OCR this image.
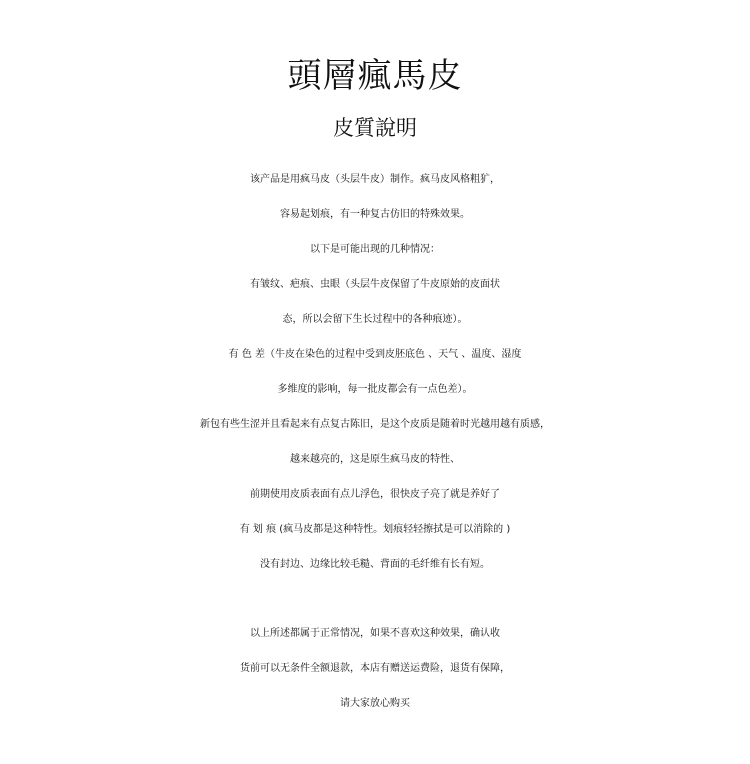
頭層瘋馬皮
皮質說明
该产品是用疯马皮（头层牛皮）制作。疯马皮风格粗犷，
容易起划痕，有一种复古仿旧的特殊效果。
以下是可能出现的几种情况：
有皱纹、疤痕、虫眼（头层牛皮保留了牛皮原始的皮面状
态，所以会留下生长过程中的各种痕迹）。
有 色 差（牛皮在染色的过程中受到皮胚底色 、天气 、温度、湿度
多维度的影响，每一批皮都会有一点色差）。
新包有些生涩并且看起来有点复古陈旧，是这个皮质是随着时光越用越有质感，
越来越亮的，这是原生疯马皮的特性、
前期使用皮质表面有点儿浮色，很快皮子亮了就是养好了
有 划 痕 (疯马皮都是这种特性。划痕轻轻擦拭是可以消除的 )
没有封边、边缘比较毛糙、背面的毛纤维有长有短。
以上所述都属于正常情况，如果不喜欢这种效果，确认收
货前可以无条件全额退款，本店有赠送运费险，退货有保障，
请大家放心购买
